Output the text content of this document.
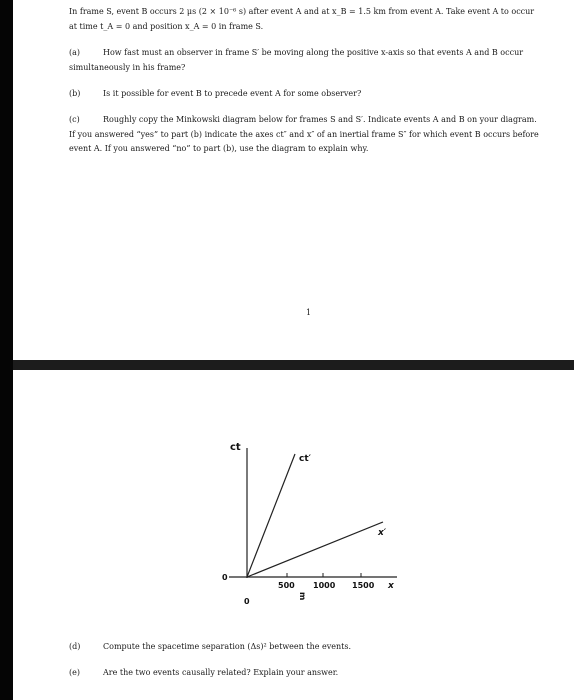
In frame S, event B occurs 2 μs (2 × 10⁻⁶ s) after event A and at x_B = 1.5 km from event A. Take event A to occur at time t_A = 0 and position x_A = 0 in frame S.
(a)	How fast must an observer in frame S′ be moving along the positive x-axis so that events A and B occur simultaneously in his frame?
(b)	Is it possible for event B to precede event A for some observer?
(c)	Roughly copy the Minkowski diagram below for frames S and S′. Indicate events A and B on your diagram. If you answered “yes” to part (b) indicate the axes ct″ and x″ of an inertial frame S″ for which event B occurs before event A. If you answered “no” to part (b), use the diagram to explain why.
1
ct
ct′
x′
x
0
0
500 1000 1500
m
(d)	Compute the spacetime separation (Δs)² between the events.
(e)	Are the two events causally related? Explain your answer.
